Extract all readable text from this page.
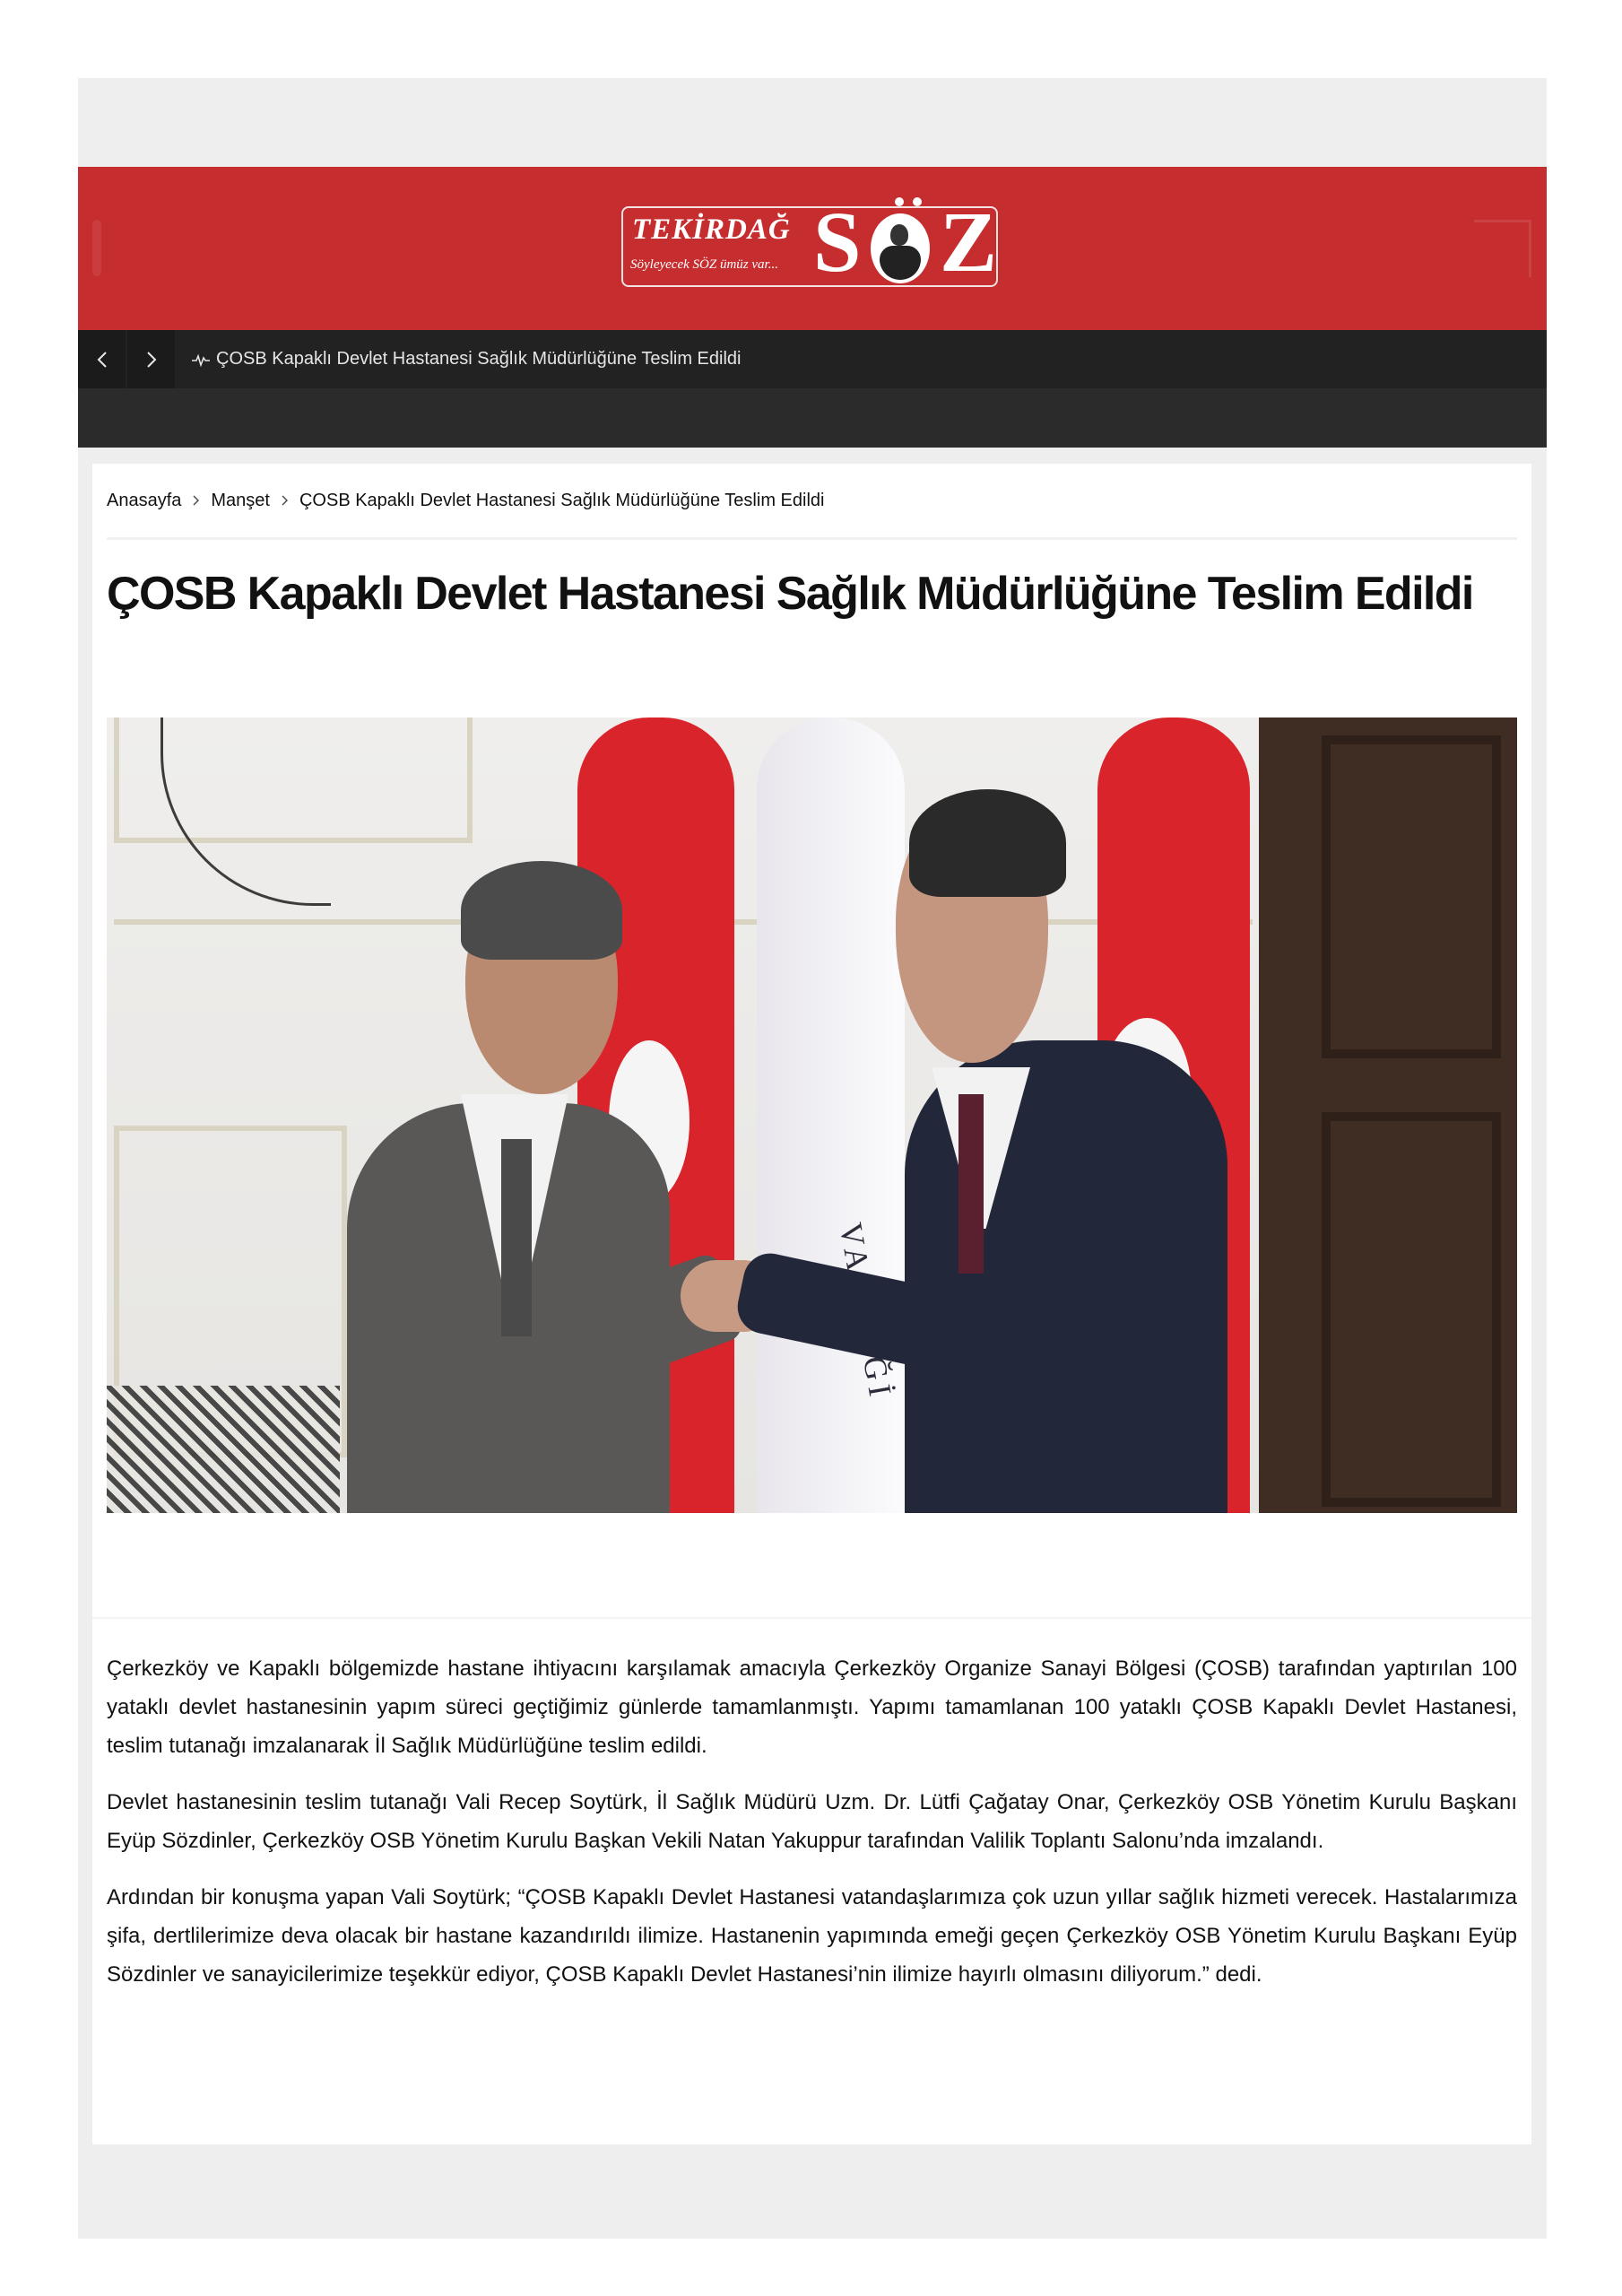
TEKİRDAĞ
Söyleyecek SÖZ ümüz var... S Z
ÇOSB Kapaklı Devlet Hastanesi Sağlık Müdürlüğüne Teslim Edildi
Anasayfa Manşet ÇOSB Kapaklı Devlet Hastanesi Sağlık Müdürlüğüne Teslim Edildi
ÇOSB Kapaklı Devlet Hastanesi Sağlık Müdürlüğüne Teslim Edildi

Çerkezköy ve Kapaklı bölgemizde hastane ihtiyacını karşılamak amacıyla Çerkezköy Organize Sanayi Bölgesi (ÇOSB) tarafından yaptırılan 100 yataklı devlet hastanesinin yapım süreci geçtiğimiz günlerde tamamlanmıştı. Yapımı tamamlanan 100 yataklı ÇOSB Kapaklı Devlet Hastanesi, teslim tutanağı imzalanarak İl Sağlık Müdürlüğüne teslim edildi.

Devlet hastanesinin teslim tutanağı Vali Recep Soytürk, İl Sağlık Müdürü Uzm. Dr. Lütfi Çağatay Onar, Çerkezköy OSB Yönetim Kurulu Başkanı Eyüp Sözdinler, Çerkezköy OSB Yönetim Kurulu Başkan Vekili Natan Yakuppur tarafından Valilik Toplantı Salonu’nda imzalandı.

Ardından bir konuşma yapan Vali Soytürk; “ÇOSB Kapaklı Devlet Hastanesi vatandaşlarımıza çok uzun yıllar sağlık hizmeti verecek. Hastalarımıza şifa, dertlilerimize deva olacak bir hastane kazandırıldı ilimize. Hastanenin yapımında emeği geçen Çerkezköy OSB Yönetim Kurulu Başkanı Eyüp Sözdinler ve sanayicilerimize teşekkür ediyor, ÇOSB Kapaklı Devlet Hastanesi’nin ilimize hayırlı olmasını diliyorum.” dedi.
